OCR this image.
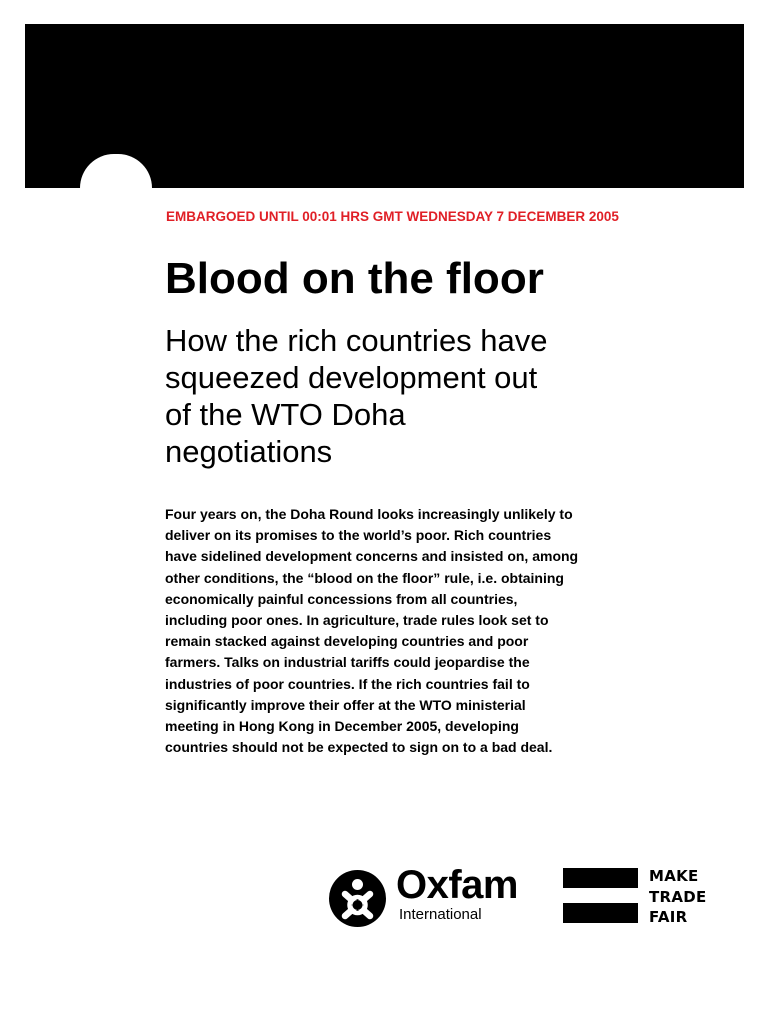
EMBARGOED UNTIL 00:01 HRS GMT WEDNESDAY 7 DECEMBER 2005
Blood on the floor
How the rich countries have
squeezed development out
of the WTO Doha
negotiations
Four years on, the Doha Round looks increasingly unlikely to
deliver on its promises to the world’s poor. Rich countries
have sidelined development concerns and insisted on, among
other conditions, the “blood on the floor” rule, i.e. obtaining
economically painful concessions from all countries,
including poor ones. In agriculture, trade rules look set to
remain stacked against developing countries and poor
farmers. Talks on industrial tariffs could jeopardise the
industries of poor countries. If the rich countries fail to
significantly improve their offer at the WTO ministerial
meeting in Hong Kong in December 2005, developing
countries should not be expected to sign on to a bad deal.
Oxfam
International
MAKE
TRADE
FAIR
